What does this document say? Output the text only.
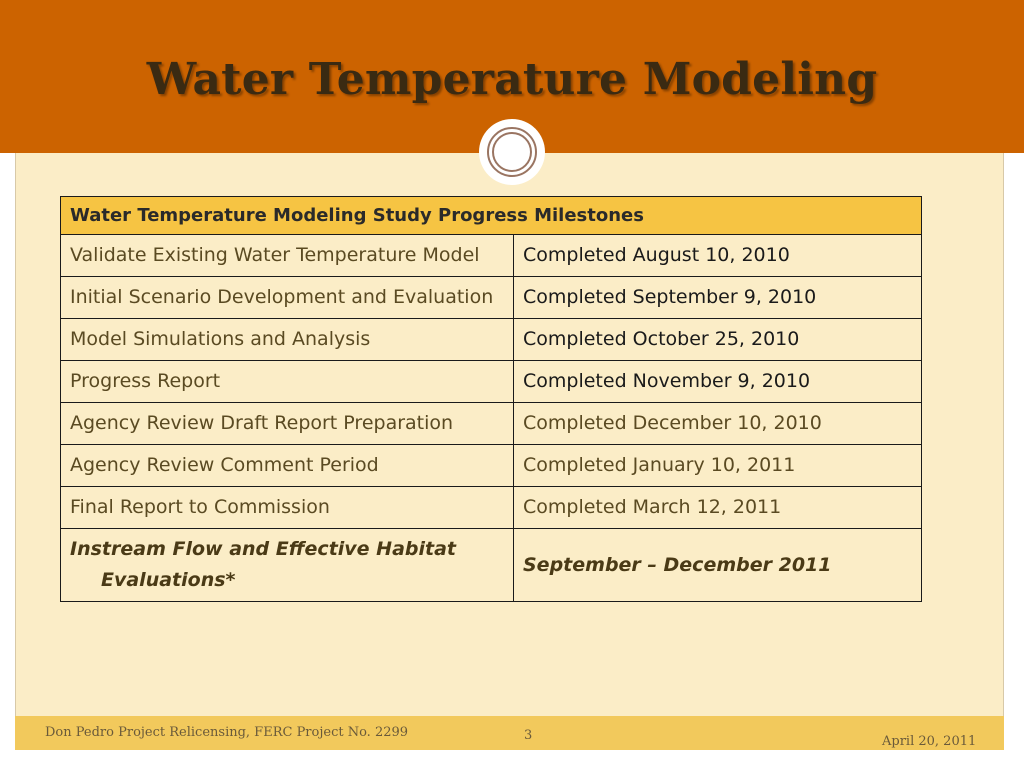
Water Temperature Modeling
Water Temperature Modeling Study Progress Milestones	

Validate Existing Water Temperature Model	Completed August 10, 2010

Initial Scenario Development and Evaluation	Completed September 9, 2010

Model Simulations and Analysis	Completed October 25, 2010

Progress Report	Completed November 9, 2010

Agency Review Draft Report Preparation	Completed December 10, 2010

Agency Review Comment Period	Completed January 10, 2011

Final Report to Commission	Completed March 12, 2011

Instream Flow and Effective Habitat Evaluations*	September – December 2011
Don Pedro Project Relicensing, FERC Project No. 2299	3	April 20, 2011
